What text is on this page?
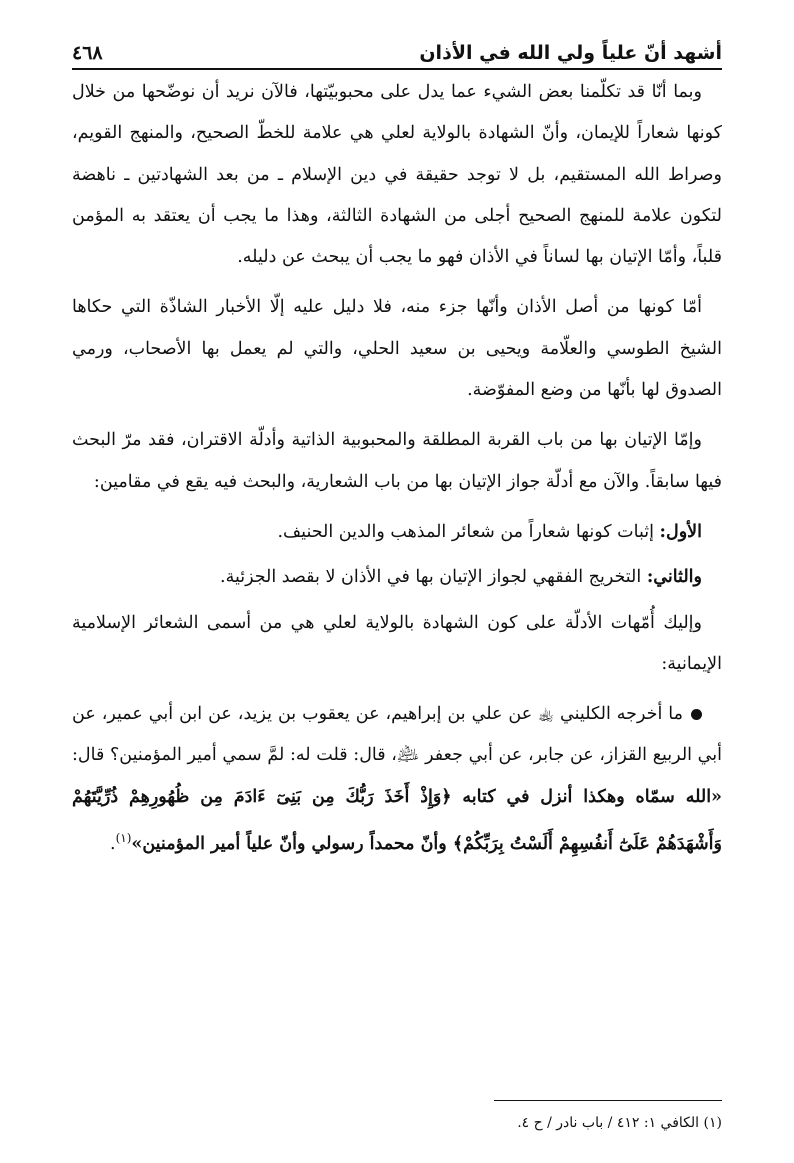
أشهد أنّ علياً ولي الله في الأذان
٤٦٨

وبما أنّا قد تكلّمنا بعض الشيء عما يدل على محبوبيّتها، فالآن نريد أن نوضّحها من خلال كونها شعاراً للإيمان، وأنّ الشهادة بالولاية لعلي هي علامة للخطّ الصحيح، والمنهج القويم، وصراط الله المستقيم، بل لا توجد حقيقة في دين الإسلام ـ من بعد الشهادتين ـ ناهضة لتكون علامة للمنهج الصحيح أجلى من الشهادة الثالثة، وهذا ما يجب أن يعتقد به المؤمن قلباً، وأمّا الإتيان بها لساناً في الأذان فهو ما يجب أن يبحث عن دليله.

أمّا كونها من أصل الأذان وأنّها جزء منه، فلا دليل عليه إلّا الأخبار الشاذّة التي حكاها الشيخ الطوسي والعلّامة ويحيى بن سعيد الحلي، والتي لم يعمل بها الأصحاب، ورمي الصدوق لها بأنّها من وضع المفوّضة.

وإمّا الإتيان بها من باب القربة المطلقة والمحبوبية الذاتية وأدلّة الاقتران، فقد مرّ البحث فيها سابقاً. والآن مع أدلّة جواز الإتيان بها من باب الشعارية، والبحث فيه يقع في مقامين:

الأول: إثبات كونها شعاراً من شعائر المذهب والدين الحنيف.

والثاني: التخريج الفقهي لجواز الإتيان بها في الأذان لا بقصد الجزئية.

وإليك أُمّهات الأدلّة على كون الشهادة بالولاية لعلي هي من أسمى الشعائر الإسلامية الإيمانية:

ما أخرجه الكليني ﵀ عن علي بن إبراهيم، عن يعقوب بن يزيد، عن ابن أبي عمير، عن أبي الربيع القزاز، عن جابر، عن أبي جعفر ﵇، قال: قلت له: لمَّ سمي أمير المؤمنين؟ قال: «الله سمّاه وهكذا أنزل في كتابه ﴿وَإِذْ أَخَذَ رَبُّكَ مِن بَنِىٓ ءَادَمَ مِن ظُهُورِهِمْ ذُرِّيَّتَهُمْ وَأَشْهَدَهُمْ عَلَىٰٓ أَنفُسِهِمْ أَلَسْتُ بِرَبِّكُمْ﴾ وأنّ محمداً رسولي وأنّ علياً أمير المؤمنين»$^{(١)}$.

(١) الكافي ١: ٤١٢ / باب نادر / ح ٤.
